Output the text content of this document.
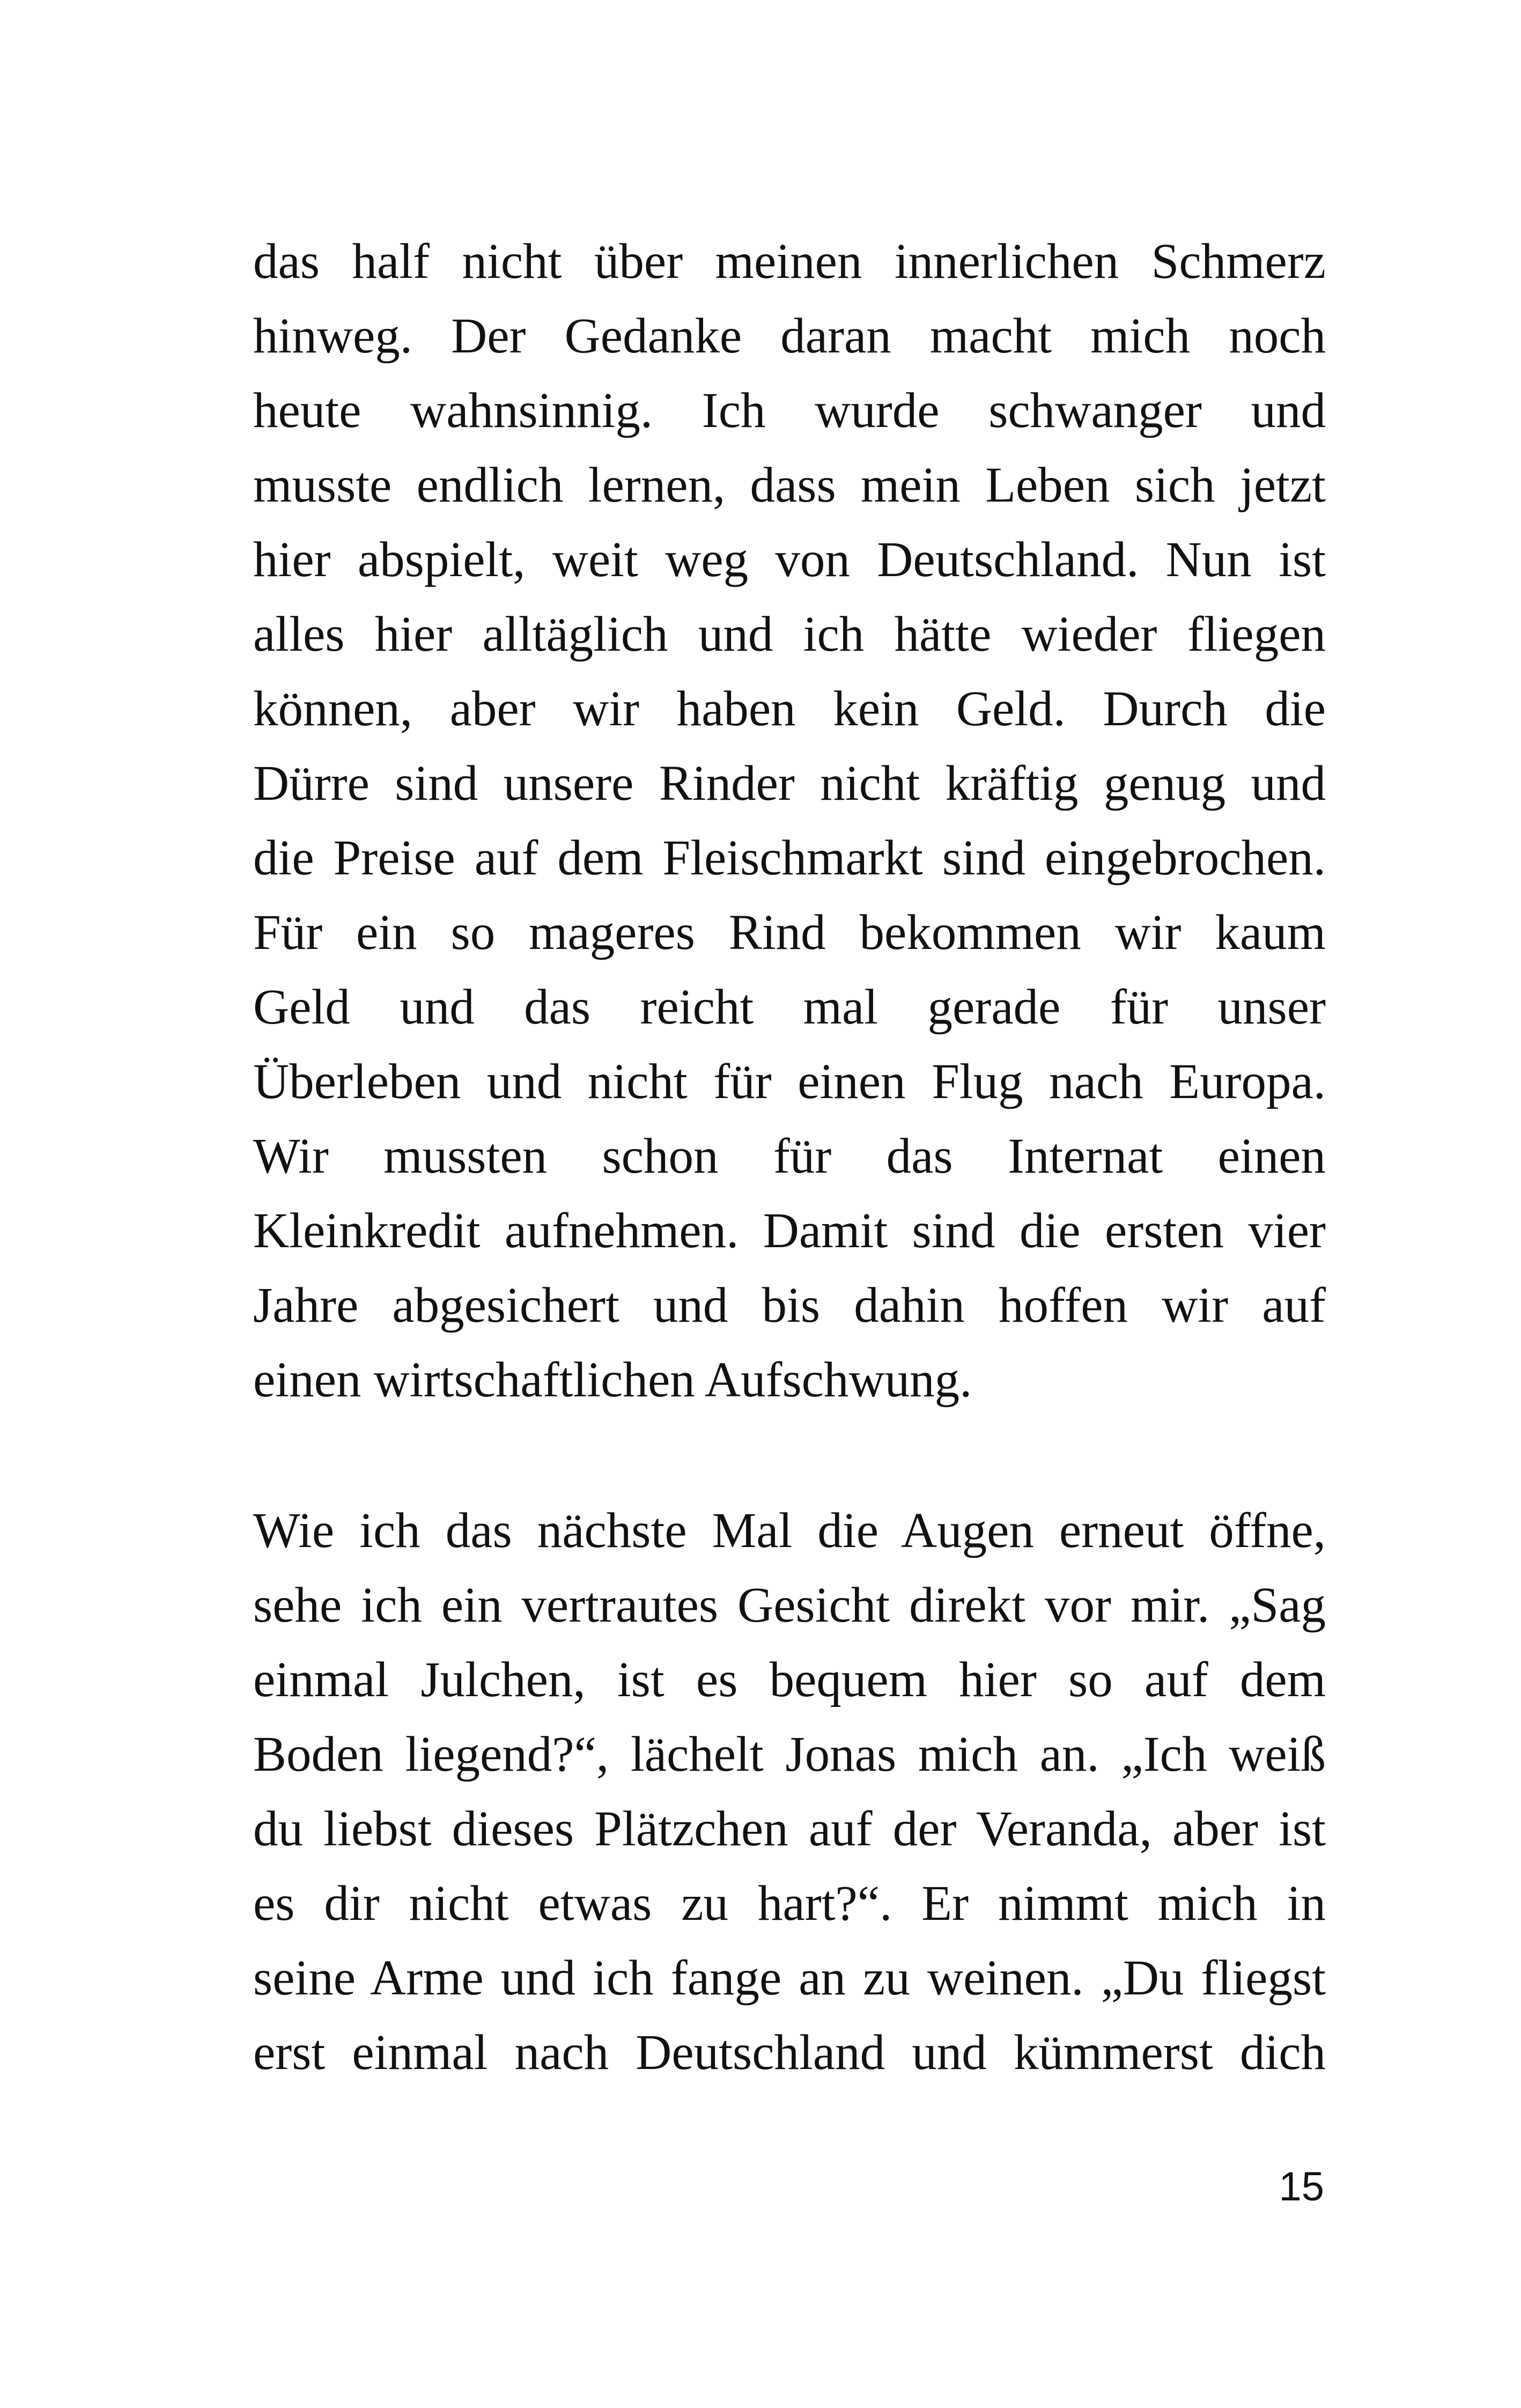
das half nicht über meinen innerlichen Schmerz
hinweg. Der Gedanke daran macht mich noch
heute wahnsinnig. Ich wurde schwanger und
musste endlich lernen, dass mein Leben sich jetzt
hier abspielt, weit weg von Deutschland. Nun ist
alles hier alltäglich und ich hätte wieder fliegen
können, aber wir haben kein Geld. Durch die
Dürre sind unsere Rinder nicht kräftig genug und
die Preise auf dem Fleischmarkt sind eingebrochen.
Für ein so mageres Rind bekommen wir kaum
Geld und das reicht mal gerade für unser
Überleben und nicht für einen Flug nach Europa.
Wir mussten schon für das Internat einen
Kleinkredit aufnehmen. Damit sind die ersten vier
Jahre abgesichert und bis dahin hoffen wir auf
einen wirtschaftlichen Aufschwung.
Wie ich das nächste Mal die Augen erneut öffne,
sehe ich ein vertrautes Gesicht direkt vor mir. „Sag
einmal Julchen, ist es bequem hier so auf dem
Boden liegend?“, lächelt Jonas mich an. „Ich weiß
du liebst dieses Plätzchen auf der Veranda, aber ist
es dir nicht etwas zu hart?“. Er nimmt mich in
seine Arme und ich fange an zu weinen. „Du fliegst
erst einmal nach Deutschland und kümmerst dich
15
